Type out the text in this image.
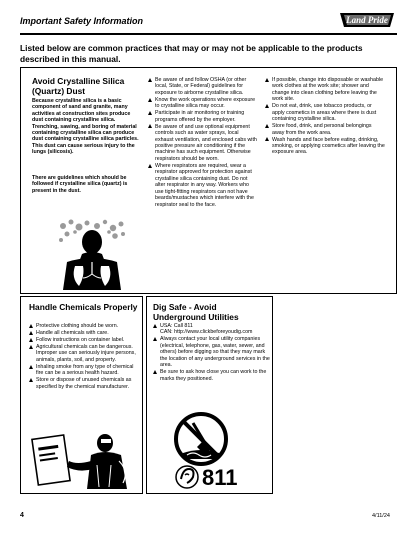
Important Safety Information	Land Pride

Listed below are common practices that may or may not be applicable to the products described in this manual.

Avoid Crystalline Silica (Quartz) Dust

Because crystalline silica is a basic component of sand and granite, many activities at construction sites produce dust containing crystalline silica. Trenching, sawing, and boring of material containing crystalline silica can produce dust containing crystalline silica particles. This dust can cause serious injury to the lungs (silicosis).

There are guidelines which should be followed if crystalline silica (quartz) is present in the dust.

Be aware of and follow OSHA (or other local, State, or Federal) guidelines for exposure to airborne crystalline silica.
Know the work operations where exposure to crystalline silica may occur.
Participate in air monitoring or training programs offered by the employer.
Be aware of and use optional equipment controls such as water sprays, local exhaust ventilation, and enclosed cabs with positive pressure air conditioning if the machine has such equipment. Otherwise respirators should be worn.
Where respirators are required, wear a respirator approved for protection against crystalline silica containing dust. Do not alter respirator in any way. Workers who use tight-fitting respirators can not have beards/mustaches which interfere with the respirator seal to the face.
If possible, change into disposable or washable work clothes at the work site; shower and change into clean clothing before leaving the work site.
Do not eat, drink, use tobacco products, or apply cosmetics in areas where there is dust containing crystalline silica.
Store food, drink, and personal belongings away from the work area.
Wash hands and face before eating, drinking, smoking, or applying cosmetics after leaving the exposure area.

Handle Chemicals Properly

Protective clothing should be worn.
Handle all chemicals with care.
Follow instructions on container label.
Agricultural chemicals can be dangerous. Improper use can seriously injure persons, animals, plants, soil, and property.
Inhaling smoke from any type of chemical fire can be a serious health hazard.
Store or dispose of unused chemicals as specified by the chemical manufacturer.

Dig Safe - Avoid Underground Utilities

USA: Call 811
CAN: http://www.clickbeforeyoudig.com
Always contact your local utility companies (electrical, telephone, gas, water, sewer, and others) before digging so that they may mark the location of any underground services in the area.
Be sure to ask how close you can work to the marks they positioned.
811
4	4/11/24
